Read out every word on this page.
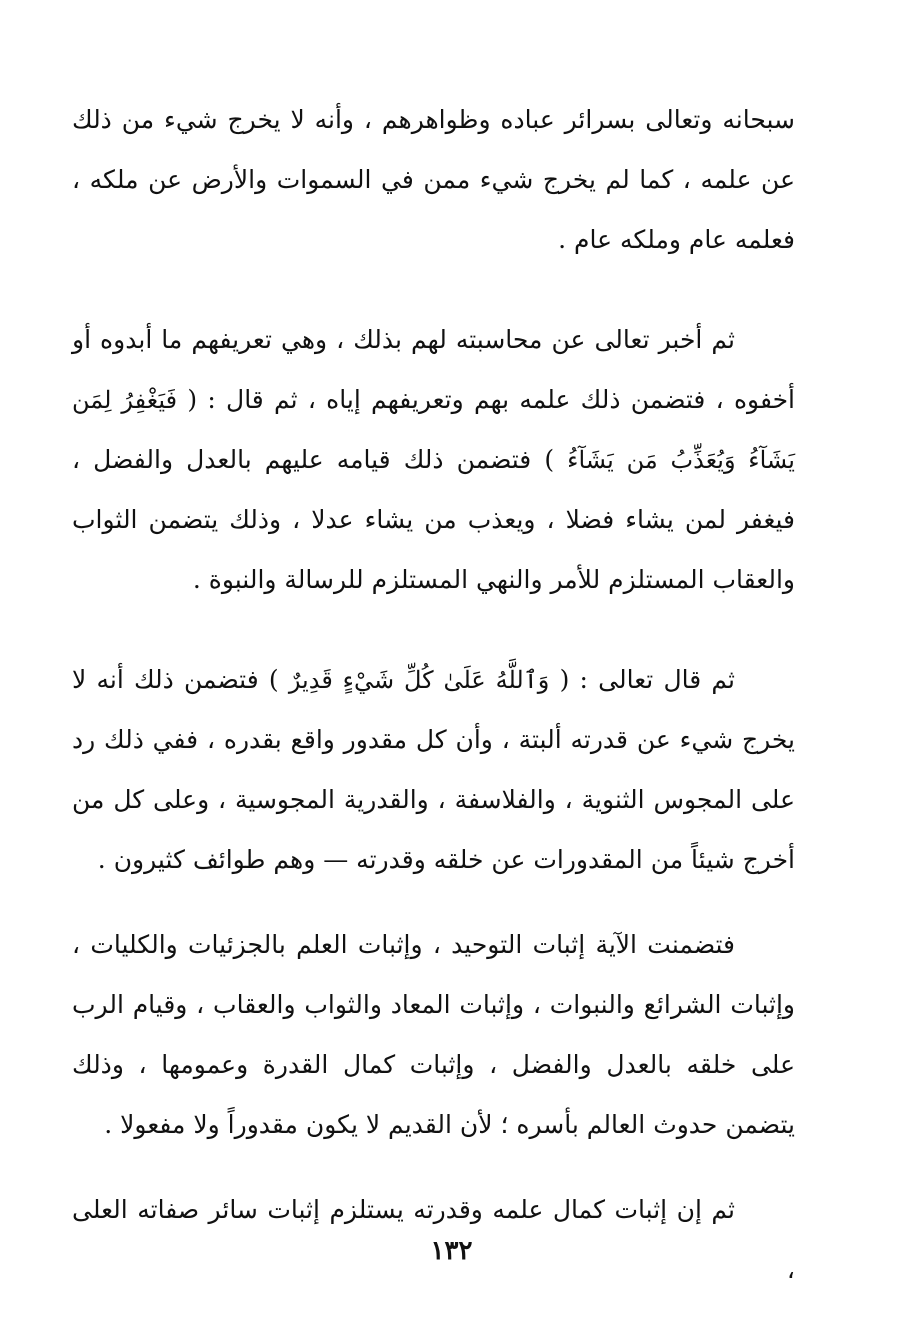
سبحانه وتعالى بسرائر عباده وظواهرهم ، وأنه لا يخرج شيء من ذلك عن علمه ، كما لم يخرج شيء ممن في السموات والأرض عن ملكه ، فعلمه عام وملكه عام .

ثم أخبر تعالى عن محاسبته لهم بذلك ، وهي تعريفهم ما أبدوه أو أخفوه ، فتضمن ذلك علمه بهم وتعريفهم إياه ، ثم قال : ( فَيَغْفِرُ لِمَن يَشَآءُ وَيُعَذِّبُ مَن يَشَآءُ ) فتضمن ذلك قيامه عليهم بالعدل والفضل ، فيغفر لمن يشاء فضلا ، ويعذب من يشاء عدلا ، وذلك يتضمن الثواب والعقاب المستلزم للأمر والنهي المستلزم للرسالة والنبوة .

ثم قال تعالى : ( وَٱللَّهُ عَلَىٰ كُلِّ شَيْءٍ قَدِيرٌ ) فتضمن ذلك أنه لا يخرج شيء عن قدرته ألبتة ، وأن كل مقدور واقع بقدره ، ففي ذلك رد على المجوس الثنوية ، والفلاسفة ، والقدرية المجوسية ، وعلى كل من أخرج شيئاً من المقدورات عن خلقه وقدرته — وهم طوائف كثيرون .

فتضمنت الآية إثبات التوحيد ، وإثبات العلم بالجزئيات والكليات ، وإثبات الشرائع والنبوات ، وإثبات المعاد والثواب والعقاب ، وقيام الرب على خلقه بالعدل والفضل ، وإثبات كمال القدرة وعمومها ، وذلك يتضمن حدوث العالم بأسره ؛ لأن القديم لا يكون مقدوراً ولا مفعولا .

ثم إن إثبات كمال علمه وقدرته يستلزم إثبات سائر صفاته العلى ،

١٣٢
